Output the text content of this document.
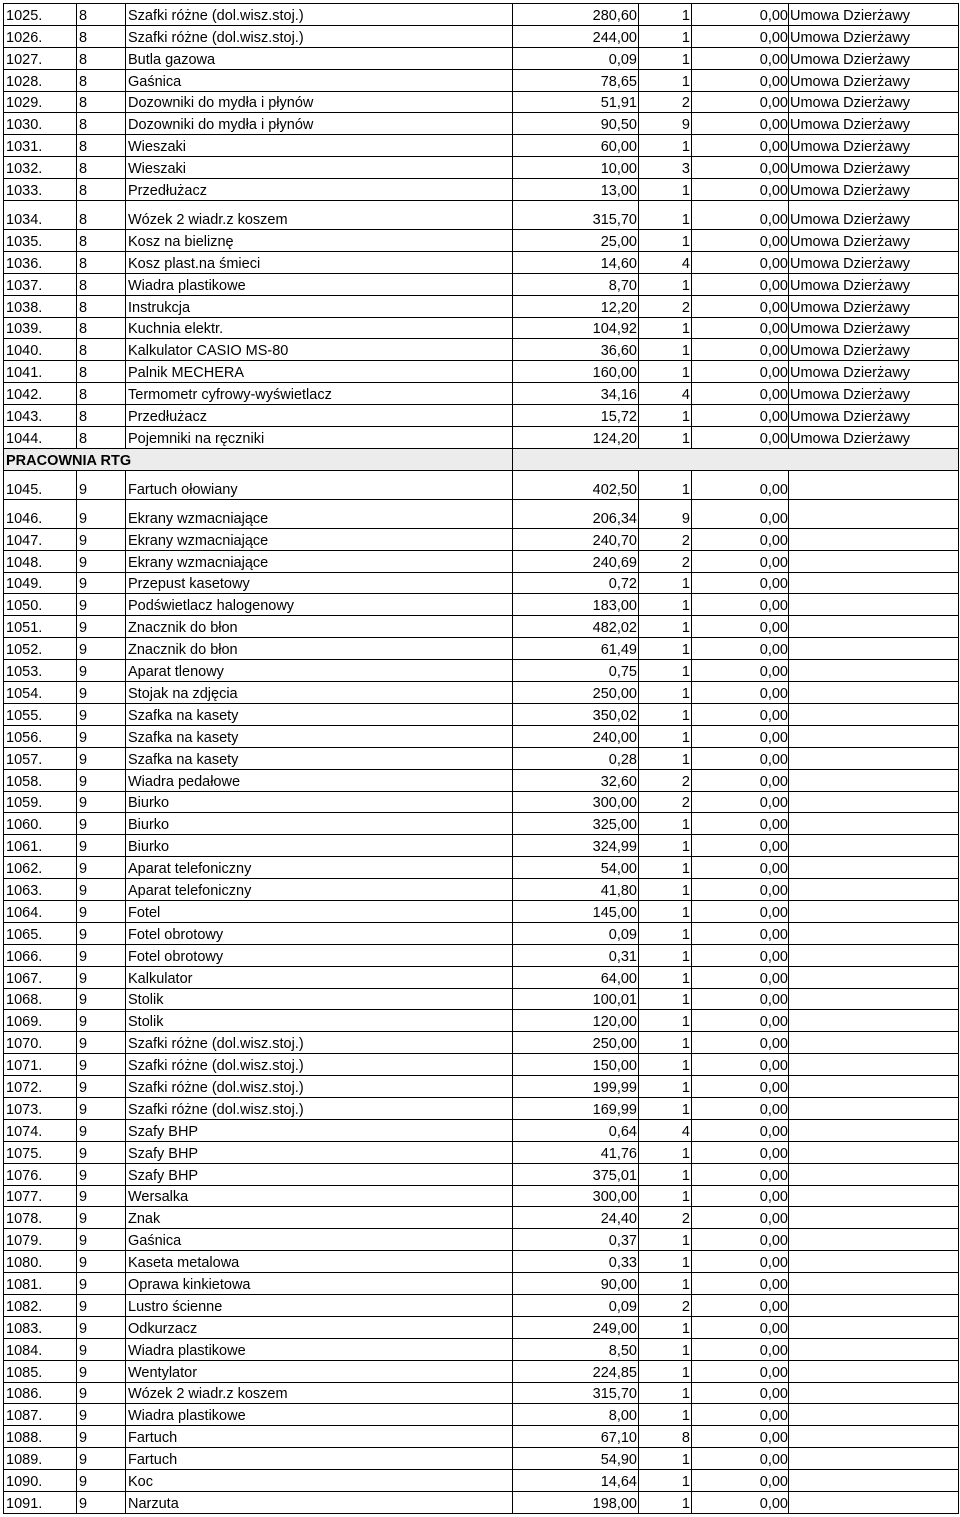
1025.	8	Szafki różne (dol.wisz.stoj.)	280,60	1	0,00	Umowa Dzierżawy
1026.	8	Szafki różne (dol.wisz.stoj.)	244,00	1	0,00	Umowa Dzierżawy
1027.	8	Butla gazowa	0,09	1	0,00	Umowa Dzierżawy
1028.	8	Gaśnica	78,65	1	0,00	Umowa Dzierżawy
1029.	8	Dozowniki do mydła i płynów	51,91	2	0,00	Umowa Dzierżawy
1030.	8	Dozowniki do mydła i płynów	90,50	9	0,00	Umowa Dzierżawy
1031.	8	Wieszaki	60,00	1	0,00	Umowa Dzierżawy
1032.	8	Wieszaki	10,00	3	0,00	Umowa Dzierżawy
1033.	8	Przedłużacz	13,00	1	0,00	Umowa Dzierżawy
1034.	8	Wózek 2 wiadr.z koszem	315,70	1	0,00	Umowa Dzierżawy
1035.	8	Kosz na bieliznę	25,00	1	0,00	Umowa Dzierżawy
1036.	8	Kosz plast.na śmieci	14,60	4	0,00	Umowa Dzierżawy
1037.	8	Wiadra plastikowe	8,70	1	0,00	Umowa Dzierżawy
1038.	8	Instrukcja	12,20	2	0,00	Umowa Dzierżawy
1039.	8	Kuchnia elektr.	104,92	1	0,00	Umowa Dzierżawy
1040.	8	Kalkulator CASIO MS-80	36,60	1	0,00	Umowa Dzierżawy
1041.	8	Palnik MECHERA	160,00	1	0,00	Umowa Dzierżawy
1042.	8	Termometr cyfrowy-wyświetlacz	34,16	4	0,00	Umowa Dzierżawy
1043.	8	Przedłużacz	15,72	1	0,00	Umowa Dzierżawy
1044.	8	Pojemniki na ręczniki	124,20	1	0,00	Umowa Dzierżawy
PRACOWNIA RTG						
1045.	9	Fartuch ołowiany	402,50	1	0,00	
1046.	9	Ekrany wzmacniające	206,34	9	0,00	
1047.	9	Ekrany wzmacniające	240,70	2	0,00	
1048.	9	Ekrany wzmacniające	240,69	2	0,00	
1049.	9	Przepust kasetowy	0,72	1	0,00	
1050.	9	Podświetlacz halogenowy	183,00	1	0,00	
1051.	9	Znacznik do błon	482,02	1	0,00	
1052.	9	Znacznik do błon	61,49	1	0,00	
1053.	9	Aparat tlenowy	0,75	1	0,00	
1054.	9	Stojak na zdjęcia	250,00	1	0,00	
1055.	9	Szafka na kasety	350,02	1	0,00	
1056.	9	Szafka na kasety	240,00	1	0,00	
1057.	9	Szafka na kasety	0,28	1	0,00	
1058.	9	Wiadra pedałowe	32,60	2	0,00	
1059.	9	Biurko	300,00	2	0,00	
1060.	9	Biurko	325,00	1	0,00	
1061.	9	Biurko	324,99	1	0,00	
1062.	9	Aparat telefoniczny	54,00	1	0,00	
1063.	9	Aparat telefoniczny	41,80	1	0,00	
1064.	9	Fotel	145,00	1	0,00	
1065.	9	Fotel obrotowy	0,09	1	0,00	
1066.	9	Fotel obrotowy	0,31	1	0,00	
1067.	9	Kalkulator	64,00	1	0,00	
1068.	9	Stolik	100,01	1	0,00	
1069.	9	Stolik	120,00	1	0,00	
1070.	9	Szafki różne (dol.wisz.stoj.)	250,00	1	0,00	
1071.	9	Szafki różne (dol.wisz.stoj.)	150,00	1	0,00	
1072.	9	Szafki różne (dol.wisz.stoj.)	199,99	1	0,00	
1073.	9	Szafki różne (dol.wisz.stoj.)	169,99	1	0,00	
1074.	9	Szafy BHP	0,64	4	0,00	
1075.	9	Szafy BHP	41,76	1	0,00	
1076.	9	Szafy BHP	375,01	1	0,00	
1077.	9	Wersalka	300,00	1	0,00	
1078.	9	Znak	24,40	2	0,00	
1079.	9	Gaśnica	0,37	1	0,00	
1080.	9	Kaseta metalowa	0,33	1	0,00	
1081.	9	Oprawa kinkietowa	90,00	1	0,00	
1082.	9	Lustro ścienne	0,09	2	0,00	
1083.	9	Odkurzacz	249,00	1	0,00	
1084.	9	Wiadra plastikowe	8,50	1	0,00	
1085.	9	Wentylator	224,85	1	0,00	
1086.	9	Wózek 2 wiadr.z koszem	315,70	1	0,00	
1087.	9	Wiadra plastikowe	8,00	1	0,00	
1088.	9	Fartuch	67,10	8	0,00	
1089.	9	Fartuch	54,90	1	0,00	
1090.	9	Koc	14,64	1	0,00	
1091.	9	Narzuta	198,00	1	0,00	
